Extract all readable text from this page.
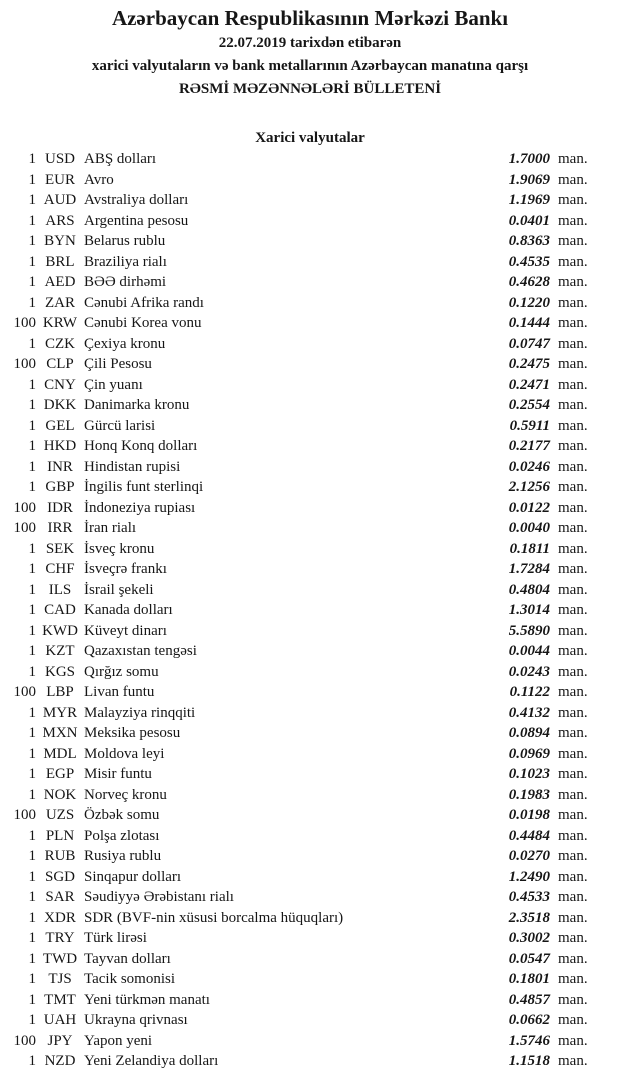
Azərbaycan Respublikasının Mərkəzi Bankı
22.07.2019 tarixdən etibarən
xarici valyutaların və bank metallarının Azərbaycan manatına qarşı
RƏSMİ MƏZƏNNƏLƏRİ BÜLLETENİ
Xarici valyutalar
1 USD ABŞ dolları	1.7000 man.
1 EUR Avro	1.9069 man.
1 AUD Avstraliya dolları	1.1969 man.
1 ARS Argentina pesosu	0.0401 man.
1 BYN Belarus rublu	0.8363 man.
1 BRL Braziliya rialı	0.4535 man.
1 AED BƏƏ dirhəmi	0.4628 man.
1 ZAR Cənubi Afrika randı	0.1220 man.
100 KRW Cənubi Korea vonu	0.1444 man.
1 CZK Çexiya kronu	0.0747 man.
100 CLP Çili Pesosu	0.2475 man.
1 CNY Çin yuanı	0.2471 man.
1 DKK Danimarka kronu	0.2554 man.
1 GEL Gürcü larisi	0.5911 man.
1 HKD Honq Konq dolları	0.2177 man.
1 INR Hindistan rupisi	0.0246 man.
1 GBP İngilis funt sterlinqi	2.1256 man.
100 IDR İndoneziya rupiası	0.0122 man.
100 IRR İran rialı	0.0040 man.
1 SEK İsveç kronu	0.1811 man.
1 CHF İsveçrə frankı	1.7284 man.
1 ILS İsrail şekeli	0.4804 man.
1 CAD Kanada dolları	1.3014 man.
1 KWD Küveyt dinarı	5.5890 man.
1 KZT Qazaxıstan tengəsi	0.0044 man.
1 KGS Qırğız somu	0.0243 man.
100 LBP Livan funtu	0.1122 man.
1 MYR Malayziya rinqqiti	0.4132 man.
1 MXN Meksika pesosu	0.0894 man.
1 MDL Moldova leyi	0.0969 man.
1 EGP Misir funtu	0.1023 man.
1 NOK Norveç kronu	0.1983 man.
100 UZS Özbək somu	0.0198 man.
1 PLN Polşa zlotası	0.4484 man.
1 RUB Rusiya rublu	0.0270 man.
1 SGD Sinqapur dolları	1.2490 man.
1 SAR Səudiyyə Ərəbistanı rialı	0.4533 man.
1 XDR SDR (BVF-nin xüsusi borcalma hüquqları)	2.3518 man.
1 TRY Türk lirəsi	0.3002 man.
1 TWD Tayvan dolları	0.0547 man.
1 TJS Tacik somonisi	0.1801 man.
1 TMT Yeni türkmən manatı	0.4857 man.
1 UAH Ukrayna qrivnası	0.0662 man.
100 JPY Yapon yeni	1.5746 man.
1 NZD Yeni Zelandiya dolları	1.1518 man.
